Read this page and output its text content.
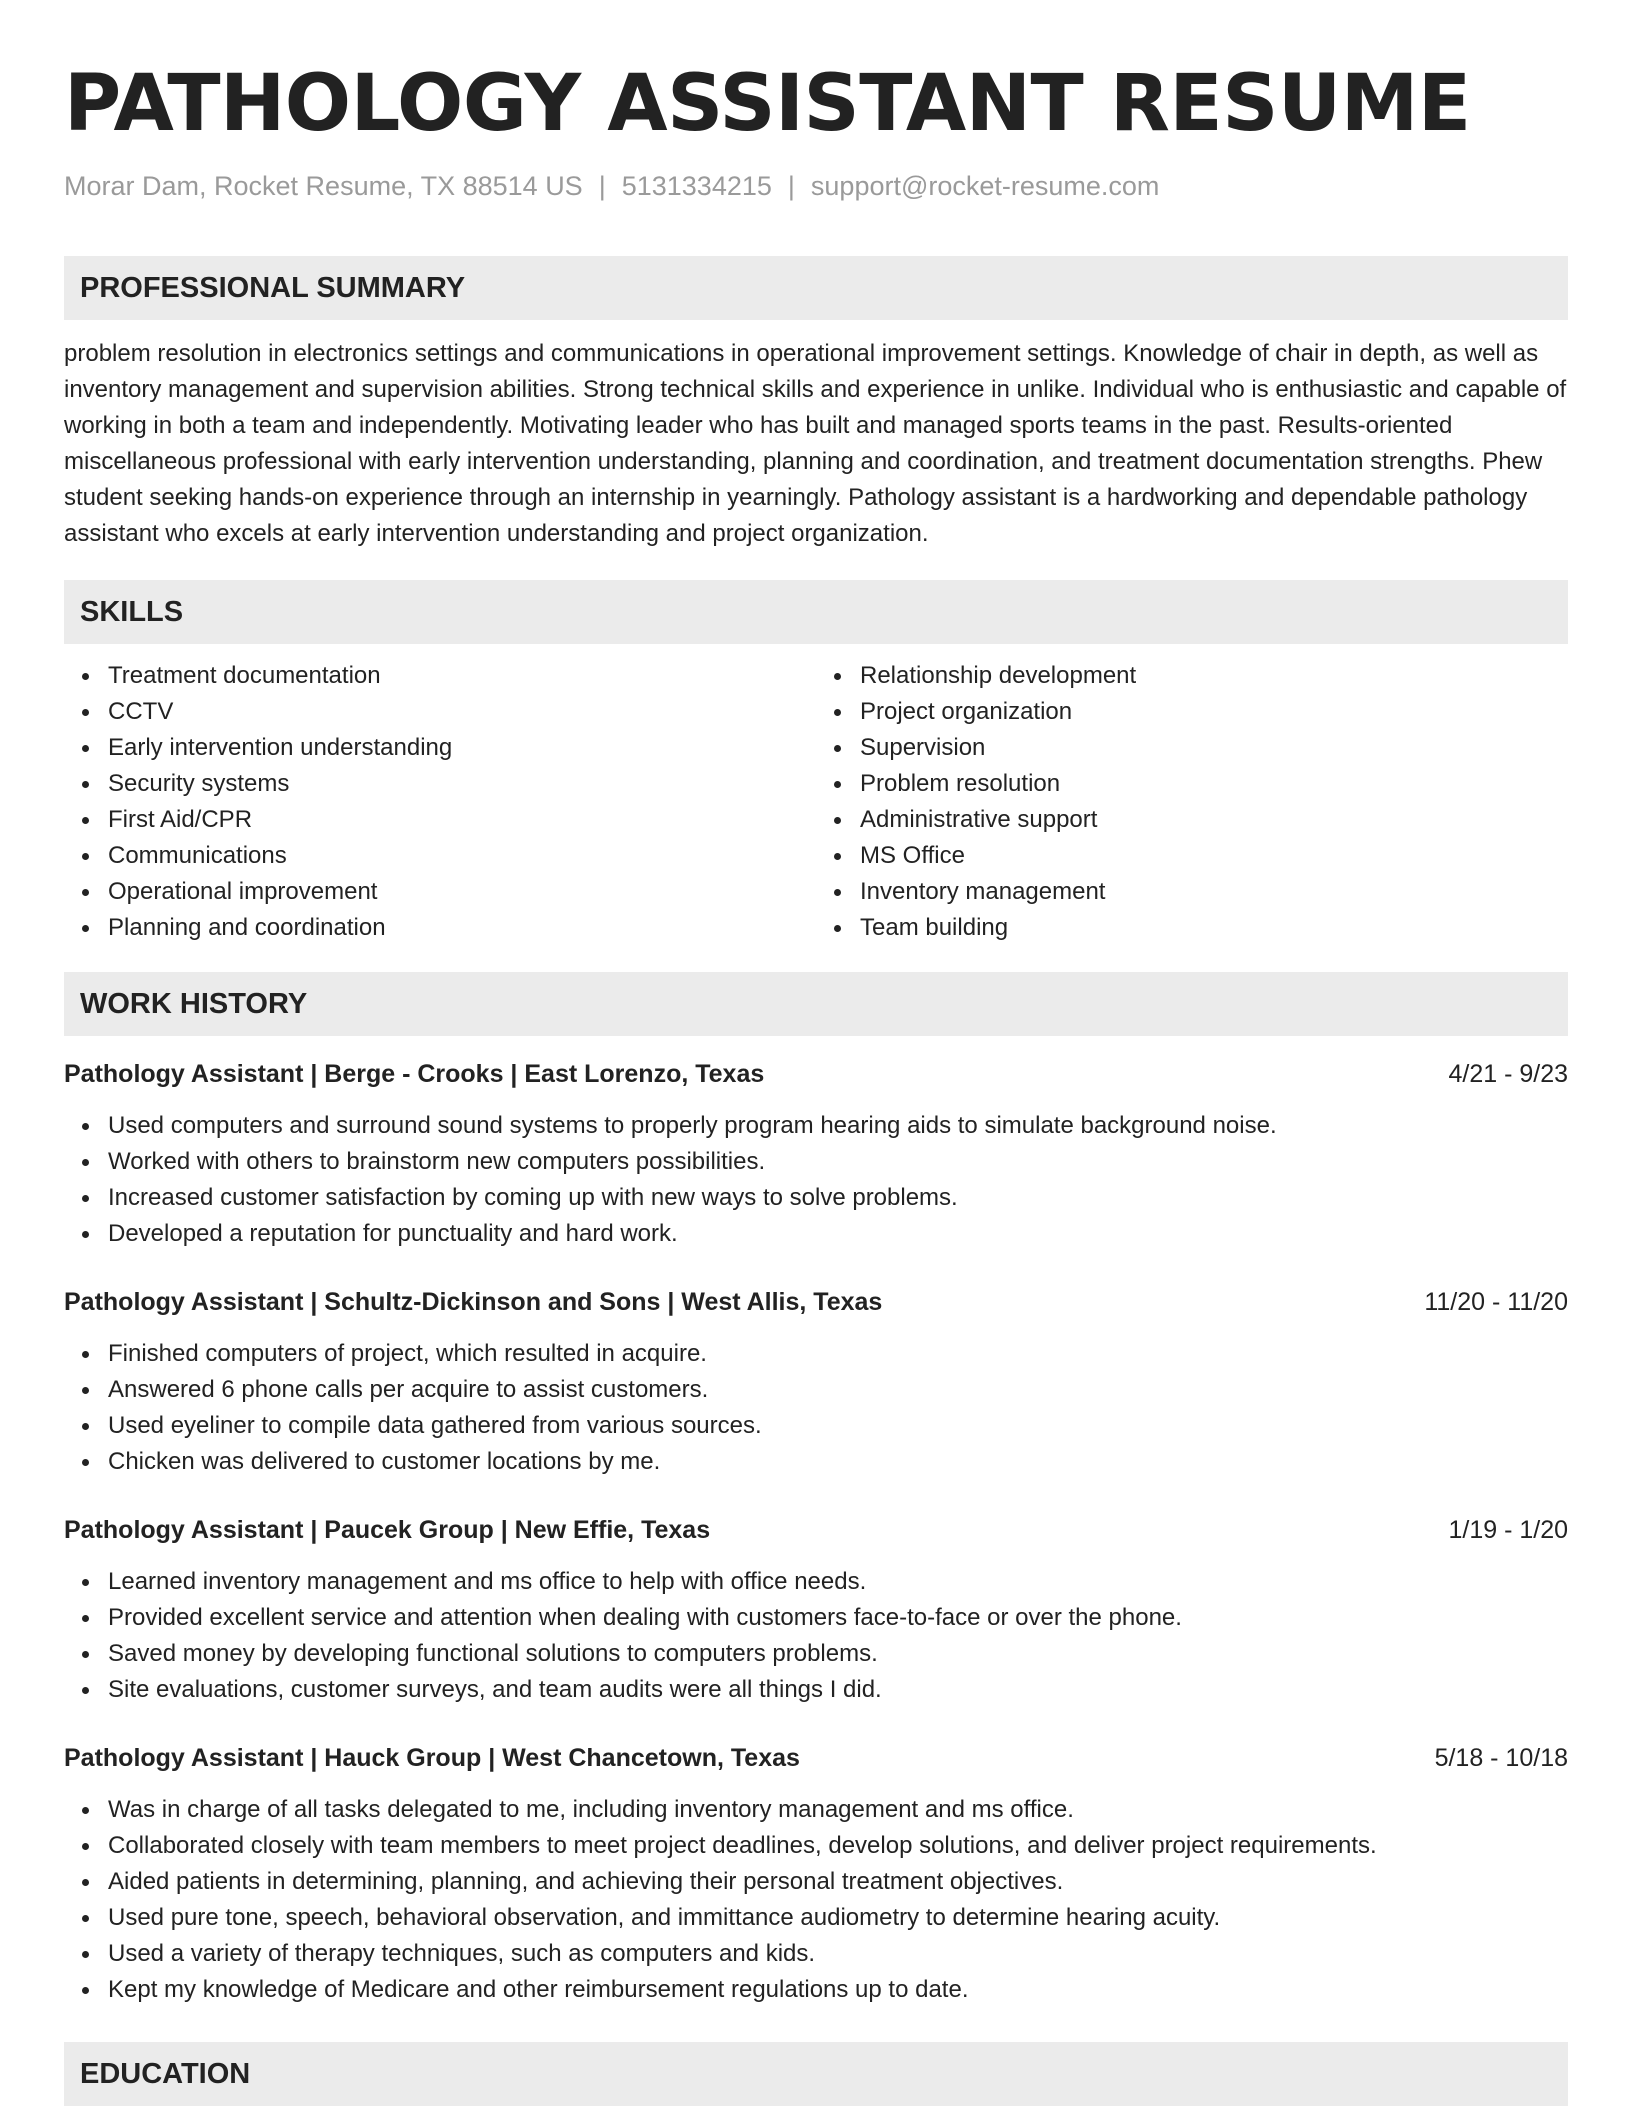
PATHOLOGY ASSISTANT RESUME
Morar Dam, Rocket Resume, TX 88514 US | 5131334215 | support@rocket-resume.com
PROFESSIONAL SUMMARY

problem resolution in electronics settings and communications in operational improvement settings. Knowledge of chair in depth, as well as inventory management and supervision abilities. Strong technical skills and experience in unlike. Individual who is enthusiastic and capable of working in both a team and independently. Motivating leader who has built and managed sports teams in the past. Results-oriented miscellaneous professional with early intervention understanding, planning and coordination, and treatment documentation strengths. Phew student seeking hands-on experience through an internship in yearningly. Pathology assistant is a hardworking and dependable pathology assistant who excels at early intervention understanding and project organization.

SKILLS
Treatment documentation
CCTV
Early intervention understanding
Security systems
First Aid/CPR
Communications
Operational improvement
Planning and coordination
Relationship development
Project organization
Supervision
Problem resolution
Administrative support
MS Office
Inventory management
Team building
WORK HISTORY
Pathology Assistant | Berge - Crooks | East Lorenzo, Texas	4/21 - 9/23
Used computers and surround sound systems to properly program hearing aids to simulate background noise.
Worked with others to brainstorm new computers possibilities.
Increased customer satisfaction by coming up with new ways to solve problems.
Developed a reputation for punctuality and hard work.
Pathology Assistant | Schultz-Dickinson and Sons | West Allis, Texas	11/20 - 11/20
Finished computers of project, which resulted in acquire.
Answered 6 phone calls per acquire to assist customers.
Used eyeliner to compile data gathered from various sources.
Chicken was delivered to customer locations by me.
Pathology Assistant | Paucek Group | New Effie, Texas	1/19 - 1/20
Learned inventory management and ms office to help with office needs.
Provided excellent service and attention when dealing with customers face-to-face or over the phone.
Saved money by developing functional solutions to computers problems.
Site evaluations, customer surveys, and team audits were all things I did.
Pathology Assistant | Hauck Group | West Chancetown, Texas	5/18 - 10/18
Was in charge of all tasks delegated to me, including inventory management and ms office.
Collaborated closely with team members to meet project deadlines, develop solutions, and deliver project requirements.
Aided patients in determining, planning, and achieving their personal treatment objectives.
Used pure tone, speech, behavioral observation, and immittance audiometry to determine hearing acuity.
Used a variety of therapy techniques, such as computers and kids.
Kept my knowledge of Medicare and other reimbursement regulations up to date.
EDUCATION
